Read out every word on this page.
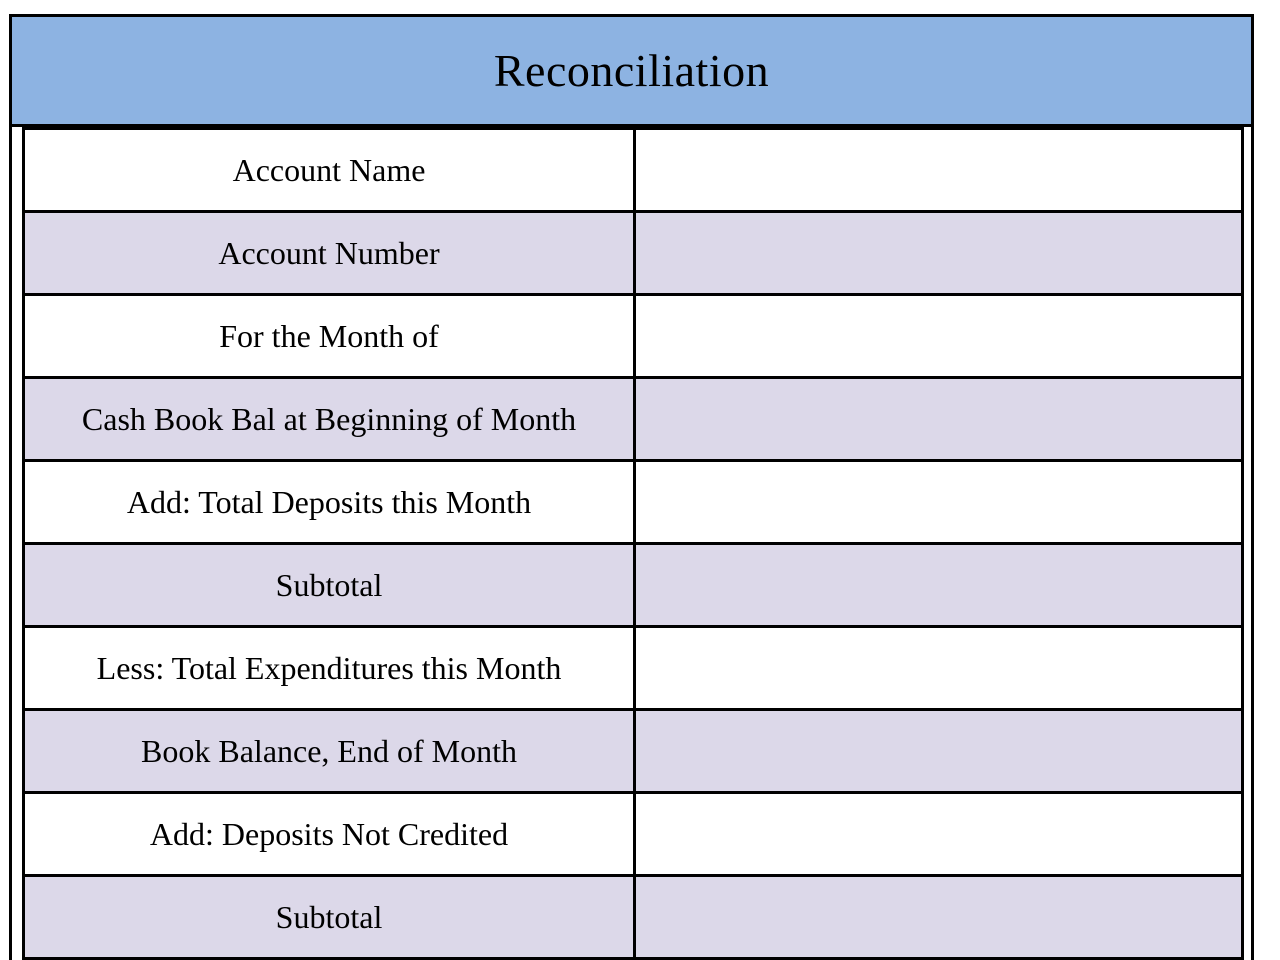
Reconciliation
Account Name	
Account Number	
For the Month of	
Cash Book Bal at Beginning of Month	
Add: Total Deposits this Month	
Subtotal	
Less: Total Expenditures this Month	
Book Balance, End of Month	
Add: Deposits Not Credited	
Subtotal	
